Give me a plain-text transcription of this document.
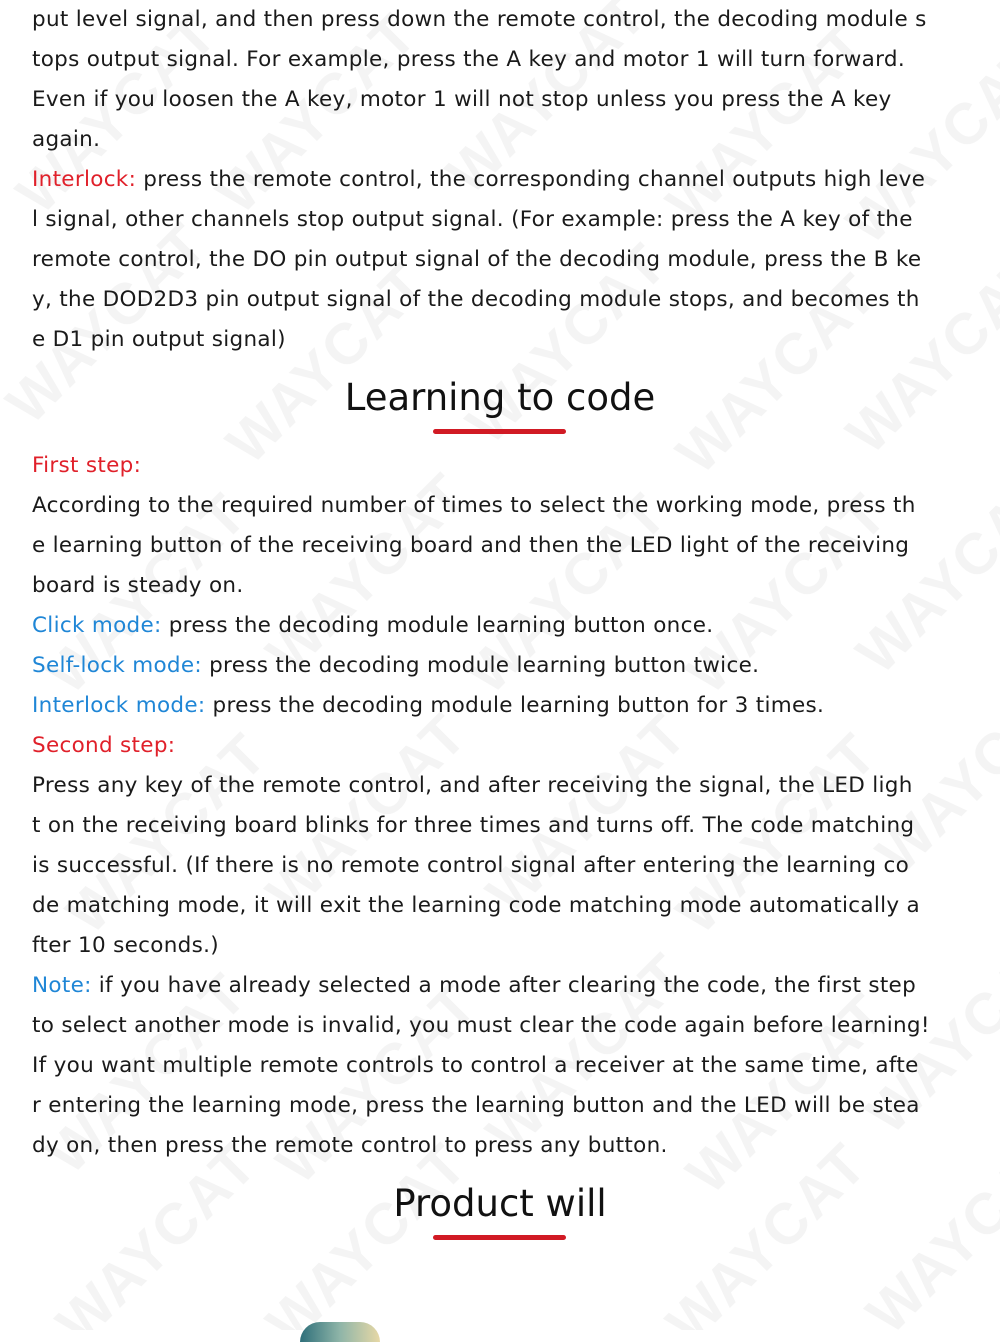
put level signal, and then press down the remote control, the decoding module s
tops output signal. For example, press the A key and motor 1 will turn forward.
Even if you loosen the A key, motor 1 will not stop unless you press the A key
again.

Interlock: press the remote control, the corresponding channel outputs high leve
l signal, other channels stop output signal. (For example: press the A key of the
remote control, the DO pin output signal of the decoding module, press the B ke
y, the DOD2D3 pin output signal of the decoding module stops, and becomes th
e D1 pin output signal)

Learning to code

First step:

According to the required number of times to select the working mode, press th
e learning button of the receiving board and then the LED light of the receiving
board is steady on.

Click mode: press the decoding module learning button once.

Self-lock mode: press the decoding module learning button twice.

Interlock mode: press the decoding module learning button for 3 times.

Second step:

Press any key of the remote control, and after receiving the signal, the LED ligh
t on the receiving board blinks for three times and turns off. The code matching
is successful. (If there is no remote control signal after entering the learning co
de matching mode, it will exit the learning code matching mode automatically a
fter 10 seconds.)

Note: if you have already selected a mode after clearing the code, the first step
to select another mode is invalid, you must clear the code again before learning!
If you want multiple remote controls to control a receiver at the same time, afte
r entering the learning mode, press the learning button and the LED will be stea
dy on, then press the remote control to press any button.

Product will
